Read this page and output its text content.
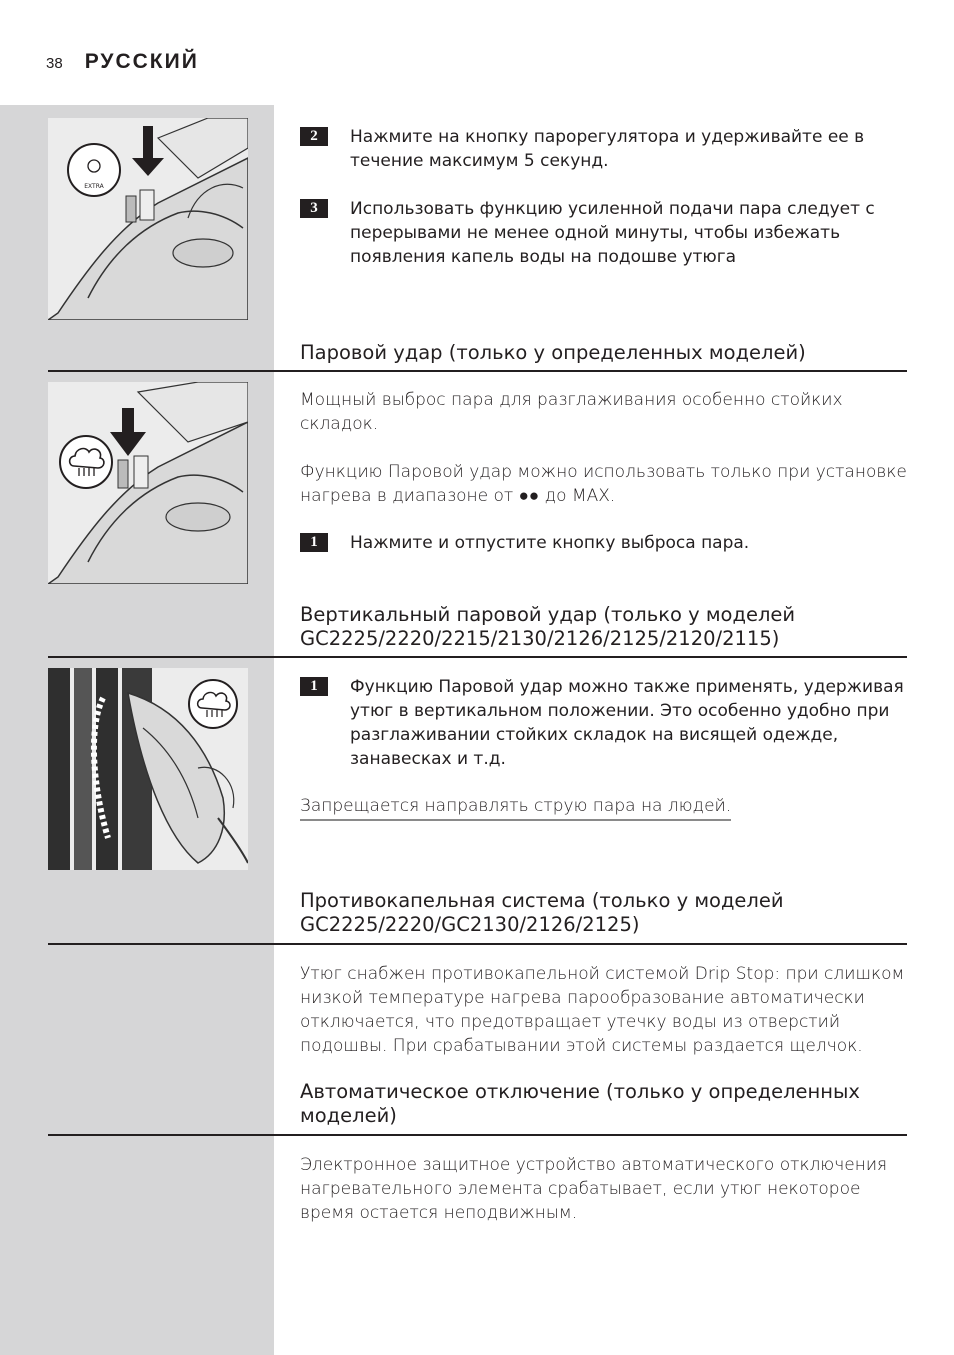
38 РУССКИЙ
EXTRA
2	Нажмите на кнопку парорегулятора и удерживайте ее в течение максимум 5 секунд.
3	Использовать функцию усиленной подачи пара следует с перерывами не менее одной минуты, чтобы избежать появления капель воды на подошве утюга
Паровой удар (только у определенных моделей)
Мощный выброс пара для разглаживания особенно стойких складок.
Функцию Паровой удар можно использовать только при установке нагрева в диапазоне от ●● до MAX.
1	Нажмите и отпустите кнопку выброса пара.
Вертикальный паровой удар (только у моделей GC2225/2220/2215/2130/2126/2125/2120/2115)
1	Функцию Паровой удар можно также применять, удерживая утюг в вертикальном положении. Это особенно удобно при разглаживании стойких складок на висящей одежде, занавесках и т.д.
Запрещается направлять струю пара на людей.
Противокапельная система (только у моделей GC2225/2220/GC2130/2126/2125)
Утюг снабжен противокапельной системой Drip Stop: при слишком низкой температуре нагрева парообразование автоматически отключается, что предотвращает утечку воды из отверстий подошвы. При срабатывании этой системы раздается щелчок.
Автоматическое отключение (только у определенных моделей)
Электронное защитное устройство автоматического отключения нагревательного элемента срабатывает, если утюг некоторое время остается неподвижным.
